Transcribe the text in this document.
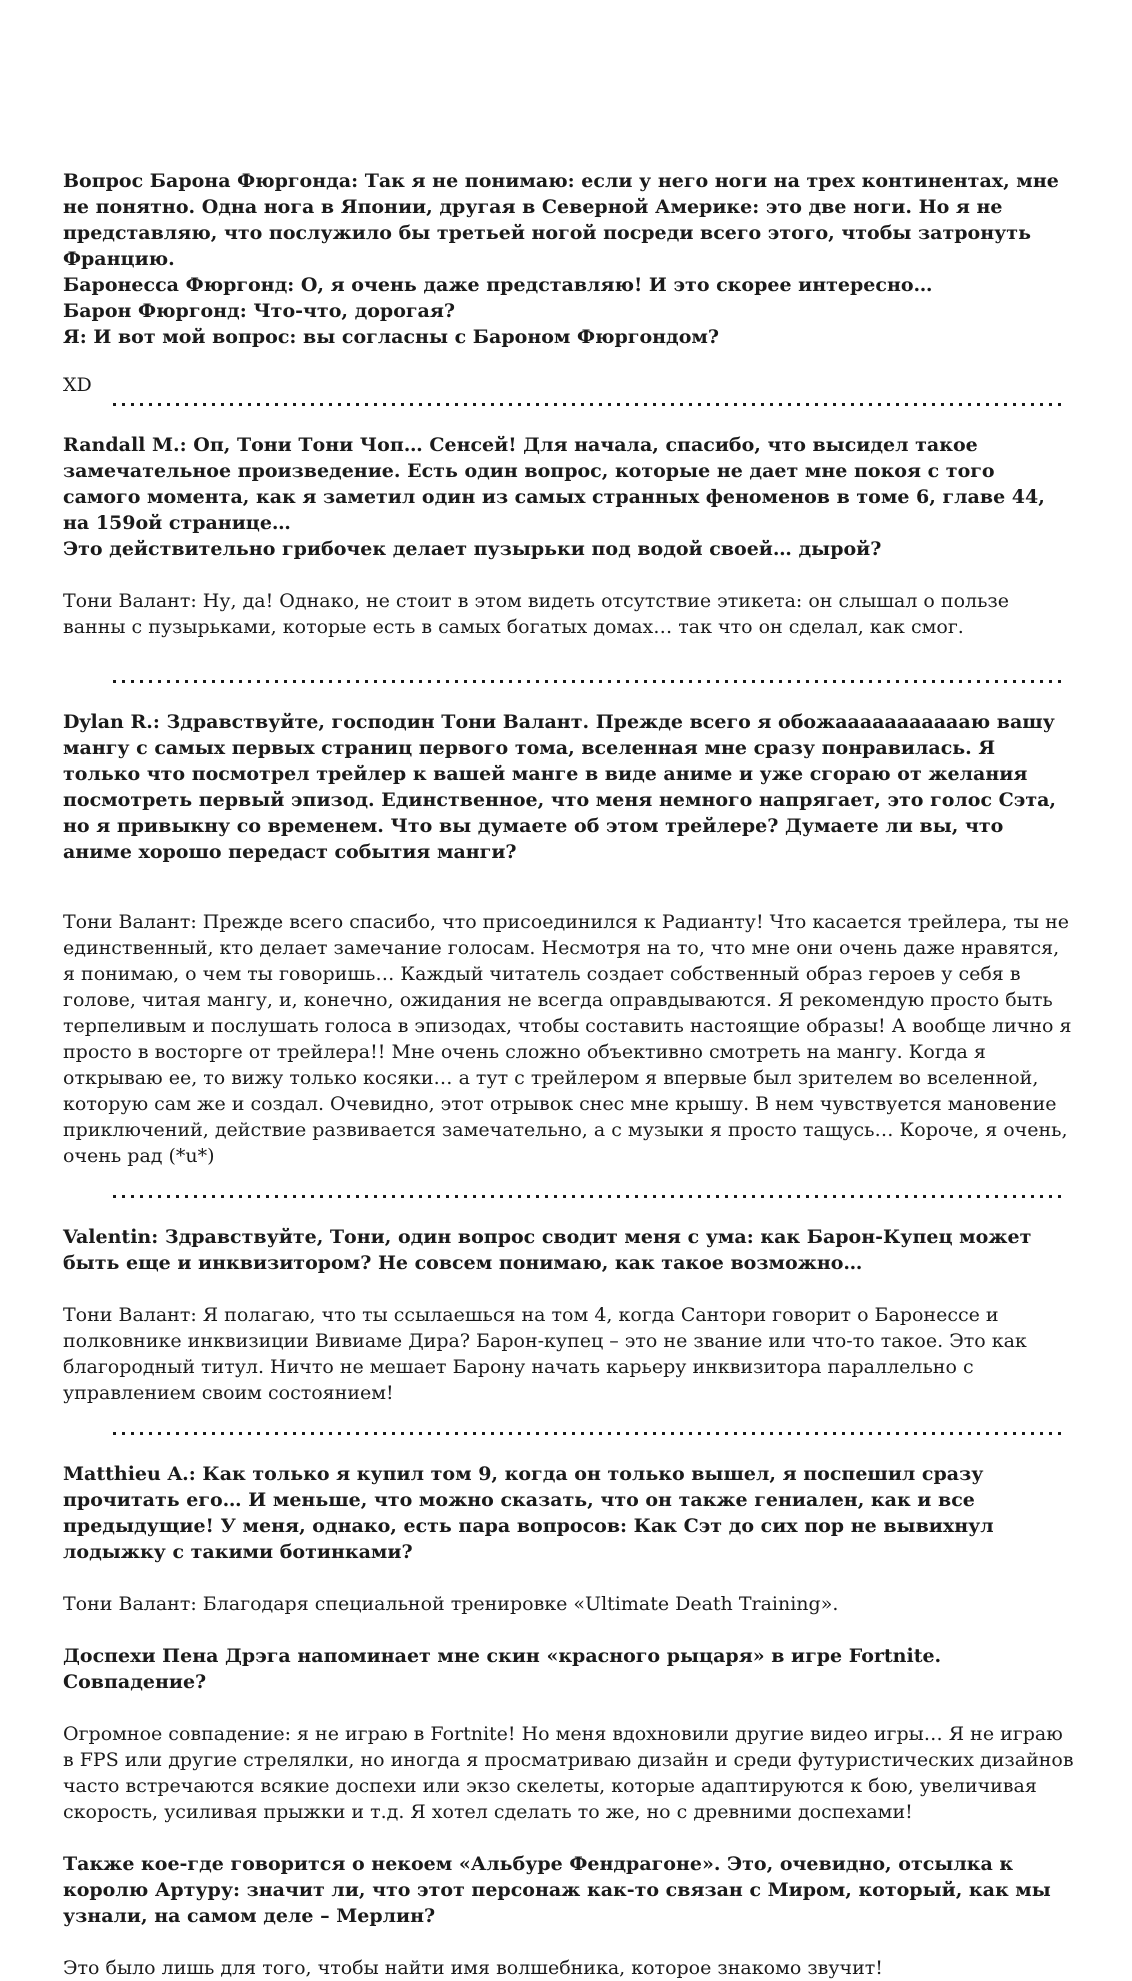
Вопрос Барона Фюргонда: Так я не понимаю: если у него ноги на трех континентах, мне не понятно. Одна нога в Японии, другая в Северной Америке: это две ноги. Но я не представляю, что послужило бы третьей ногой посреди всего этого, чтобы затронуть Францию.

Баронесса Фюргонд: О, я очень даже представляю! И это скорее интересно…

Барон Фюргонд: Что-что, дорогая?

Я: И вот мой вопрос: вы согласны с Бароном Фюргондом?

XD

Randall M.: Оп, Тони Тони Чоп… Сенсей! Для начала, спасибо, что высидел такое замечательное произведение. Есть один вопрос, которые не дает мне покоя с того самого момента, как я заметил один из самых странных феноменов в томе 6, главе 44, на 159ой странице…

Это действительно грибочек делает пузырьки под водой своей… дырой?

Тони Валант: Ну, да! Однако, не стоит в этом видеть отсутствие этикета: он слышал о пользе ванны с пузырьками, которые есть в самых богатых домах… так что он сделал, как смог.

Dylan R.: Здравствуйте, господин Тони Валант. Прежде всего я обожаааааааааааю вашу мангу с самых первых страниц первого тома, вселенная мне сразу понравилась. Я только что посмотрел трейлер к вашей манге в виде аниме и уже сгораю от желания посмотреть первый эпизод. Единственное, что меня немного напрягает, это голос Сэта, но я привыкну со временем. Что вы думаете об этом трейлере? Думаете ли вы, что аниме хорошо передаст события манги?

Тони Валант: Прежде всего спасибо, что присоединился к Радианту! Что касается трейлера, ты не единственный, кто делает замечание голосам. Несмотря на то, что мне они очень даже нравятся, я понимаю, о чем ты говоришь… Каждый читатель создает собственный образ героев у себя в голове, читая мангу, и, конечно, ожидания не всегда оправдываются. Я рекомендую просто быть терпеливым и послушать голоса в эпизодах, чтобы составить настоящие образы! А вообще лично я просто в восторге от трейлера!! Мне очень сложно объективно смотреть на мангу. Когда я открываю ее, то вижу только косяки… а тут с трейлером я впервые был зрителем во вселенной, которую сам же и создал. Очевидно, этот отрывок снес мне крышу. В нем чувствуется мановение приключений, действие развивается замечательно, а с музыки я просто тащусь… Короче, я очень, очень рад (*u*)

Valentin: Здравствуйте, Тони, один вопрос сводит меня с ума: как Барон-Купец может быть еще и инквизитором? Не совсем понимаю, как такое возможно…

Тони Валант: Я полагаю, что ты ссылаешься на том 4, когда Сантори говорит о Баронессе и полковнике инквизиции Вивиаме Дира? Барон-купец – это не звание или что-то такое. Это как благородный титул. Ничто не мешает Барону начать карьеру инквизитора параллельно с управлением своим состоянием!

Matthieu A.: Как только я купил том 9, когда он только вышел, я поспешил сразу прочитать его… И меньше, что можно сказать, что он также гениален, как и все предыдущие! У меня, однако, есть пара вопросов: Как Сэт до сих пор не вывихнул лодыжку с такими ботинками?

Тони Валант: Благодаря специальной тренировке «Ultimate Death Training».

Доспехи Пена Дрэга напоминает мне скин «красного рыцаря» в игре Fortnite. Совпадение?

Огромное совпадение: я не играю в Fortnite! Но меня вдохновили другие видео игры… Я не играю в FPS или другие стрелялки, но иногда я просматриваю дизайн и среди футуристических дизайнов часто встречаются всякие доспехи или экзо скелеты, которые адаптируются к бою, увеличивая скорость, усиливая прыжки и т.д. Я хотел сделать то же, но с древними доспехами!

Также кое-где говорится о некоем «Альбуре Фендрагоне». Это, очевидно, отсылка к королю Артуру: значит ли, что этот персонаж как-то связан с Миром, который, как мы узнали, на самом деле – Мерлин?

Это было лишь для того, чтобы найти имя волшебника, которое знакомо звучит!
